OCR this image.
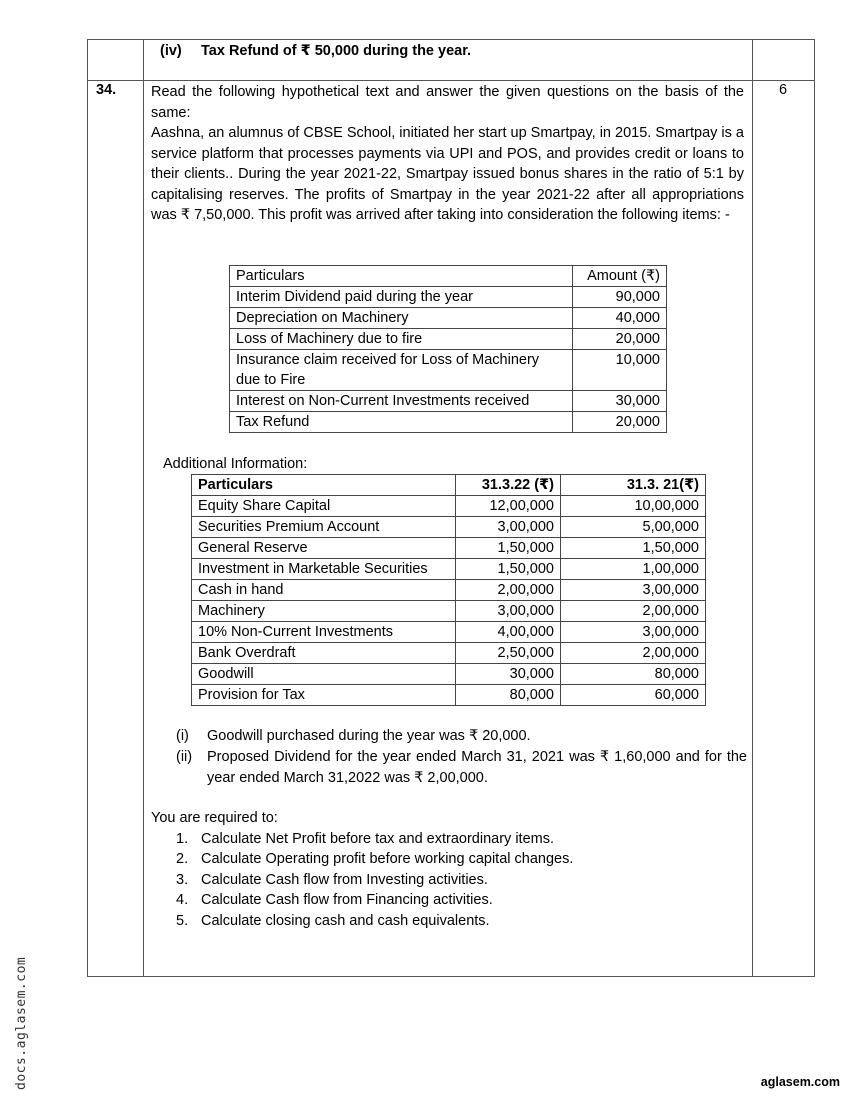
(iv) Tax Refund of ₹ 50,000 during the year.
34.	6
Read the following hypothetical text and answer the given questions on the basis of the same:
Aashna, an alumnus of CBSE School, initiated her start up Smartpay, in 2015. Smartpay is a service platform that processes payments via UPI and POS, and provides credit or loans to their clients.. During the year 2021-22, Smartpay issued bonus shares in the ratio of 5:1 by capitalising reserves. The profits of Smartpay in the year 2021-22 after all appropriations was ₹ 7,50,000. This profit was arrived after taking into consideration the following items: -
Particulars	Amount (₹)
Interim Dividend paid during the year	90,000
Depreciation on Machinery	40,000
Loss of Machinery due to fire	20,000
Insurance claim received for Loss of Machinery due to Fire	10,000
Interest on Non-Current Investments received	30,000
Tax Refund	20,000
Additional Information:
Particulars	31.3.22 (₹)	31.3. 21(₹)
Equity Share Capital	12,00,000	10,00,000
Securities Premium Account	3,00,000	5,00,000
General Reserve	1,50,000	1,50,000
Investment in Marketable Securities	1,50,000	1,00,000
Cash in hand	2,00,000	3,00,000
Machinery	3,00,000	2,00,000
10% Non-Current Investments	4,00,000	3,00,000
Bank Overdraft	2,50,000	2,00,000
Goodwill	30,000	80,000
Provision for Tax	80,000	60,000
(i) Goodwill purchased during the year was ₹ 20,000.
(ii) Proposed Dividend for the year ended March 31, 2021 was ₹ 1,60,000 and for the year ended March 31,2022 was ₹ 2,00,000.
You are required to:
1. Calculate Net Profit before tax and extraordinary items.
2. Calculate Operating profit before working capital changes.
3. Calculate Cash flow from Investing activities.
4. Calculate Cash flow from Financing activities.
5. Calculate closing cash and cash equivalents.
docs.aglasem.com	aglasem.com
